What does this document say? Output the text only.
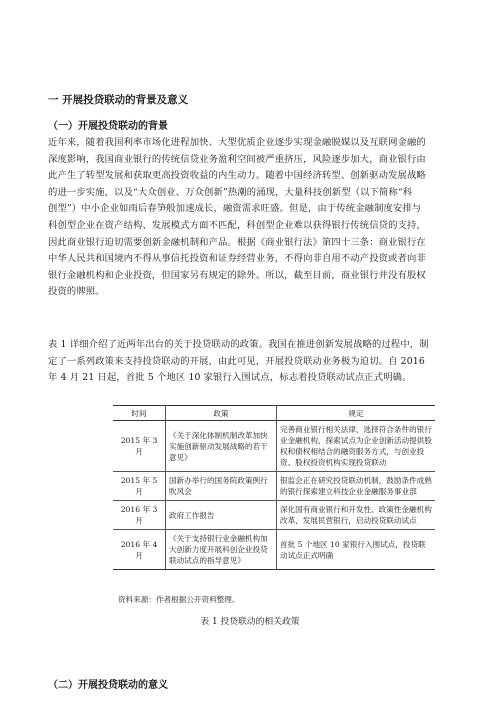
一 开展投贷联动的背景及意义
（一）开展投贷联动的背景
近年来，随着我国利率市场化进程加快、大型优质企业逐步实现金融脱媒以及互联网金融的
深度影响，我国商业银行的传统信贷业务盈利空间被严重挤压，风险逐步加大，商业银行由
此产生了转型发展和获取更高投资收益的内生动力。随着中国经济转型、创新驱动发展战略
的进一步实施，以及“大众创业、万众创新”热潮的涌现，大量科技创新型（以下简称“科
创型”）中小企业如雨后春笋般加速成长，融资需求旺盛。但是，由于传统金融制度安排与
科创型企业在资产结构、发展模式方面不匹配，科创型企业难以获得银行传统信贷的支持，
因此商业银行迫切需要创新金融机制和产品。根据《商业银行法》第四十三条：商业银行在
中华人民共和国境内不得从事信托投资和证券经营业务，不得向非自用不动产投资或者向非
银行金融机构和企业投资，但国家另有规定的除外。所以，截至目前，商业银行并没有股权
投资的牌照。
表 1 详细介绍了近两年出台的关于投贷联动的政策。我国在推进创新发展战略的过程中，制
定了一系列政策来支持投贷联动的开展，由此可见，开展投贷联动业务极为迫切。自 2016
年 4 月 21 日起，首批 5 个地区 10 家银行入围试点，标志着投贷联动试点正式明确。
时间	政策	规定
2015 年 3 月	《关于深化体制机制改革加快实施创新驱动发展战略的若干意见》	完善商业银行相关法律，选择符合条件的银行业金融机构，探索试点为企业创新活动提供股权和债权相结合的融资服务方式，与创业投资、股权投资机构实现投贷联动
2015 年 5 月	国新办举行的国务院政策例行吹风会	银监会正在研究投贷联动机制，鼓励条件成熟的银行探索建立科技企业金融服务事业部
2016 年 3 月	政府工作报告	深化国有商业银行和开发性、政策性金融机构改革，发展民营银行，启动投贷联动试点
2016 年 4 月	《关于支持银行业金融机构加大创新力度开展科创企业投贷联动试点的指导意见》	首批 5 个地区 10 家银行入围试点，投贷联动试点正式明确
资料来源：作者根据公开资料整理。
表 1 投贷联动的相关政策
（二）开展投贷联动的意义
